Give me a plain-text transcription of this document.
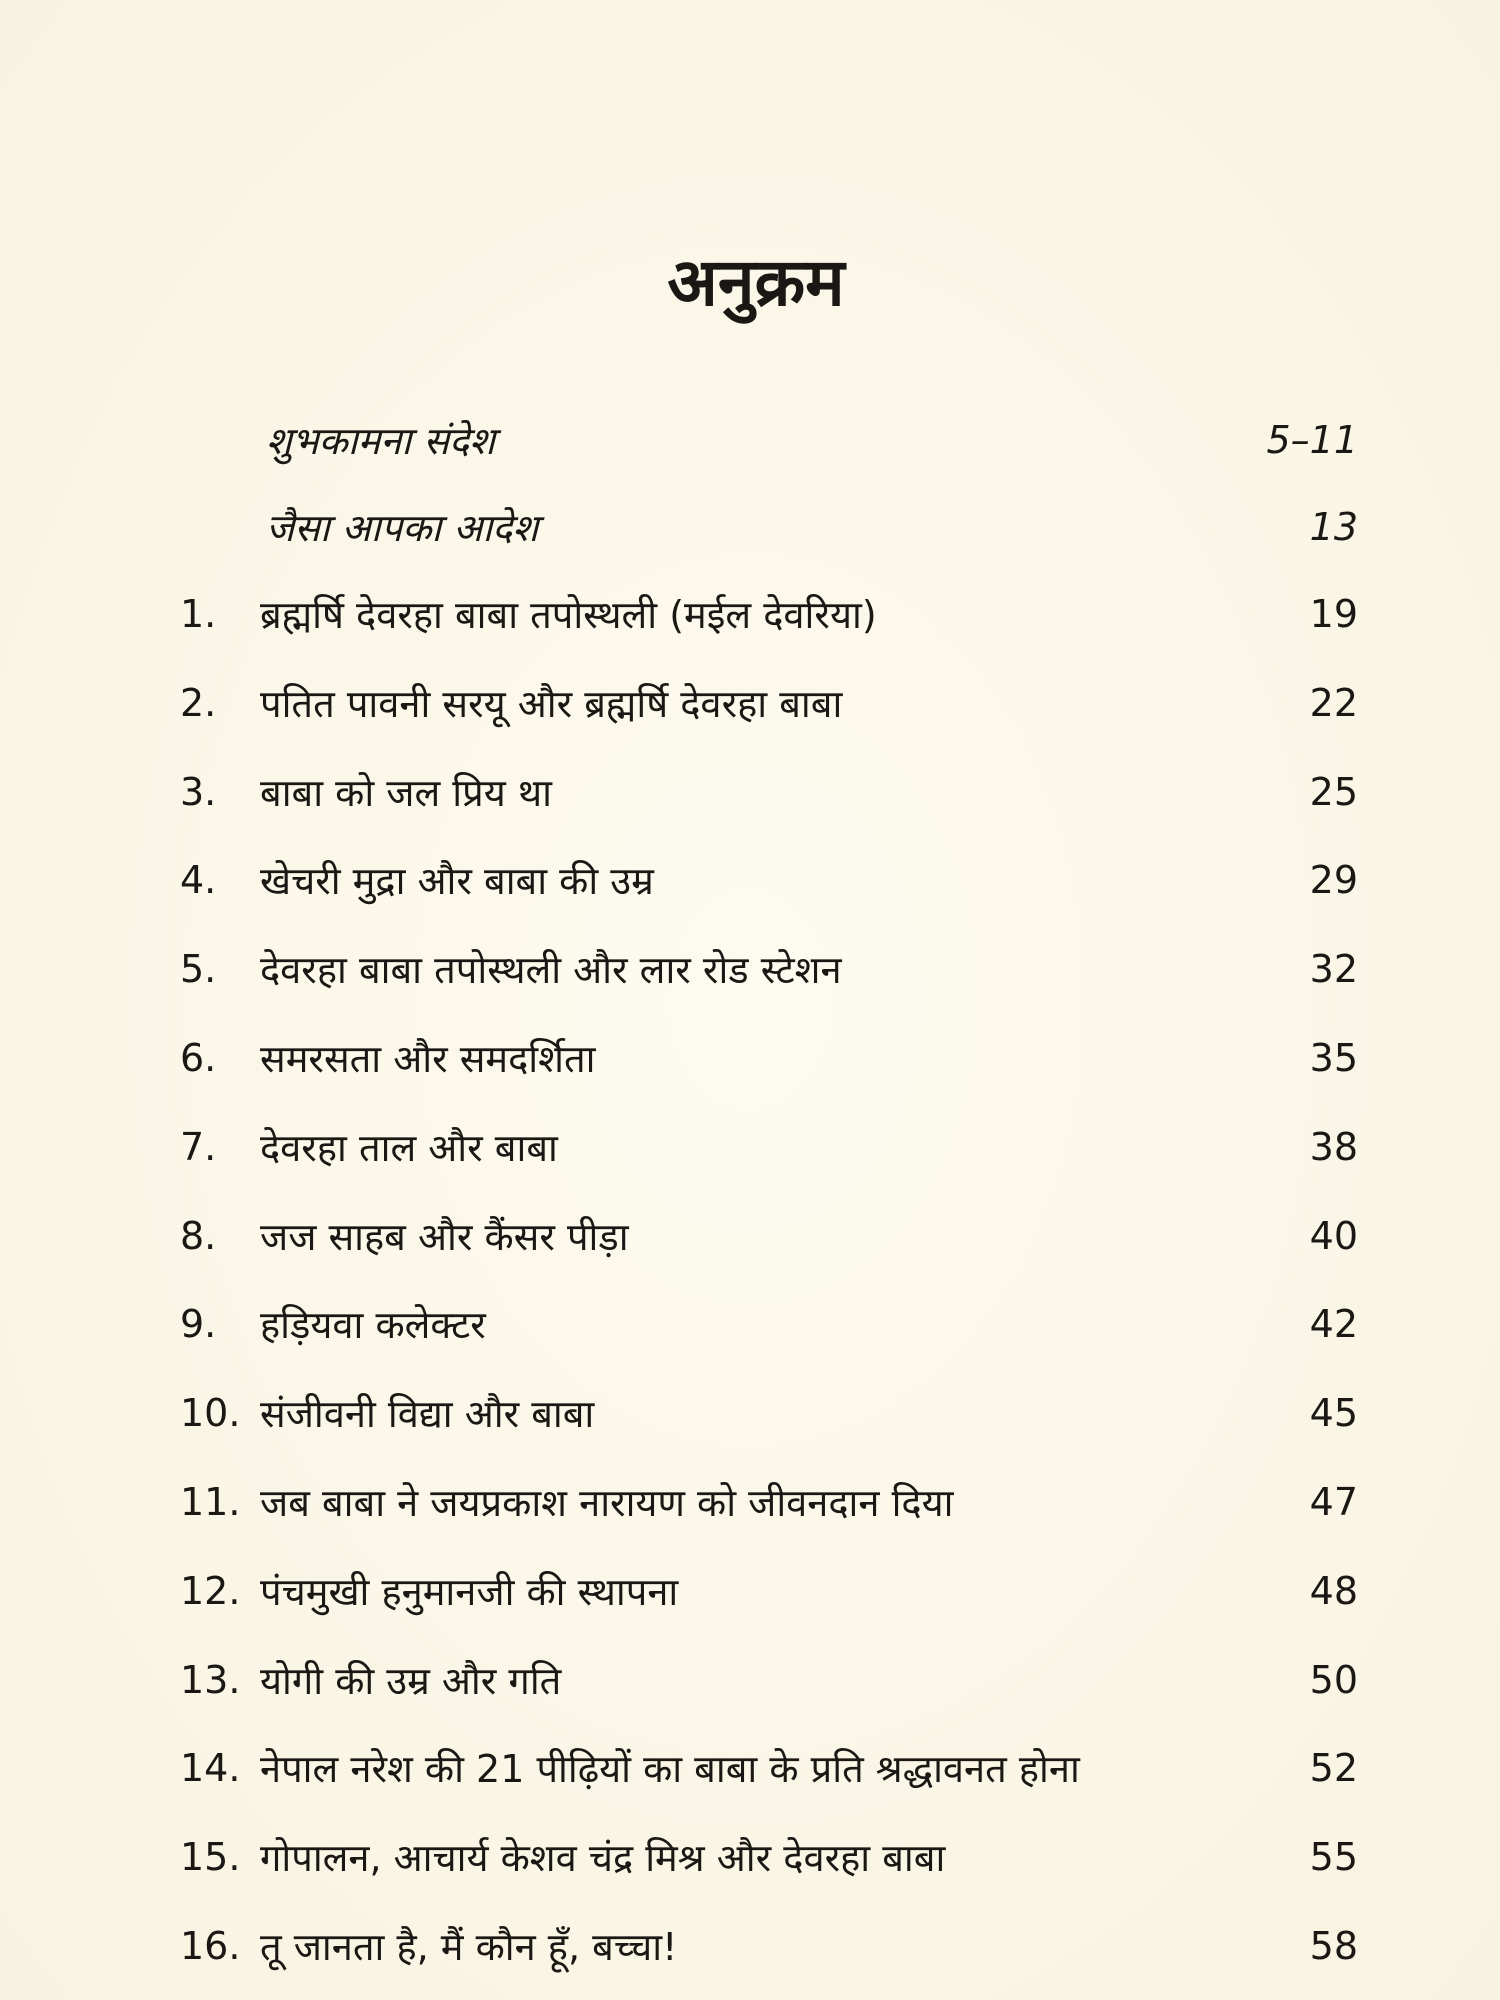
अनुक्रम
शुभकामना संदेश	5–11
जैसा आपका आदेश	13
1.	ब्रह्मर्षि देवरहा बाबा तपोस्थली (मईल देवरिया)	19
2.	पतित पावनी सरयू और ब्रह्मर्षि देवरहा बाबा	22
3.	बाबा को जल प्रिय था	25
4.	खेचरी मुद्रा और बाबा की उम्र	29
5.	देवरहा बाबा तपोस्थली और लार रोड स्टेशन	32
6.	समरसता और समदर्शिता	35
7.	देवरहा ताल और बाबा	38
8.	जज साहब और कैंसर पीड़ा	40
9.	हड़ियवा कलेक्टर	42
10. संजीवनी विद्या और बाबा	45
11. जब बाबा ने जयप्रकाश नारायण को जीवनदान दिया	47
12. पंचमुखी हनुमानजी की स्थापना	48
13. योगी की उम्र और गति	50
14. नेपाल नरेश की 21 पीढ़ियों का बाबा के प्रति श्रद्धावनत होना	52
15. गोपालन, आचार्य केशव चंद्र मिश्र और देवरहा बाबा	55
16. तू जानता है, मैं कौन हूँ, बच्चा!	58
